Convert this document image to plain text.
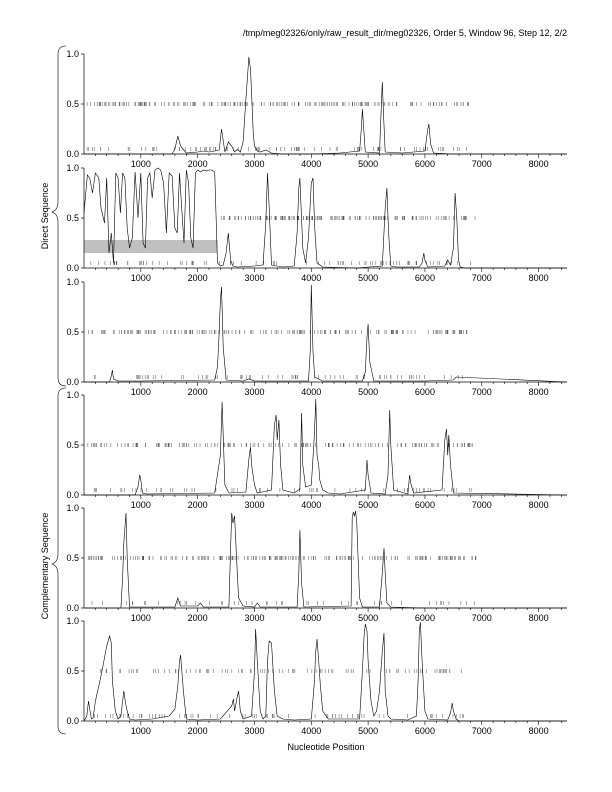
/tmp/meg02326/only/raw_result_dir/meg02326, Order 5, Window 96, Step 12, 2/2
Direct Sequence
Complementary Sequence
0.0
0.5
1.0
1000	2000	3000	4000	5000	6000	7000	8000
0.0
0.5
1.0
1000	2000	3000	4000	5000	6000	7000	8000
0.0
0.5
1.0
1000	2000	3000	4000	5000	6000	7000	8000
0.0
0.5
1.0
1000	2000	3000	4000	5000	6000	7000	8000
0.0
0.5
1.0
1000	2000	3000	4000	5000	6000	7000	8000
0.0
0.5
1.0
1000	2000	3000	4000	5000	6000	7000	8000
Nucleotide Position
